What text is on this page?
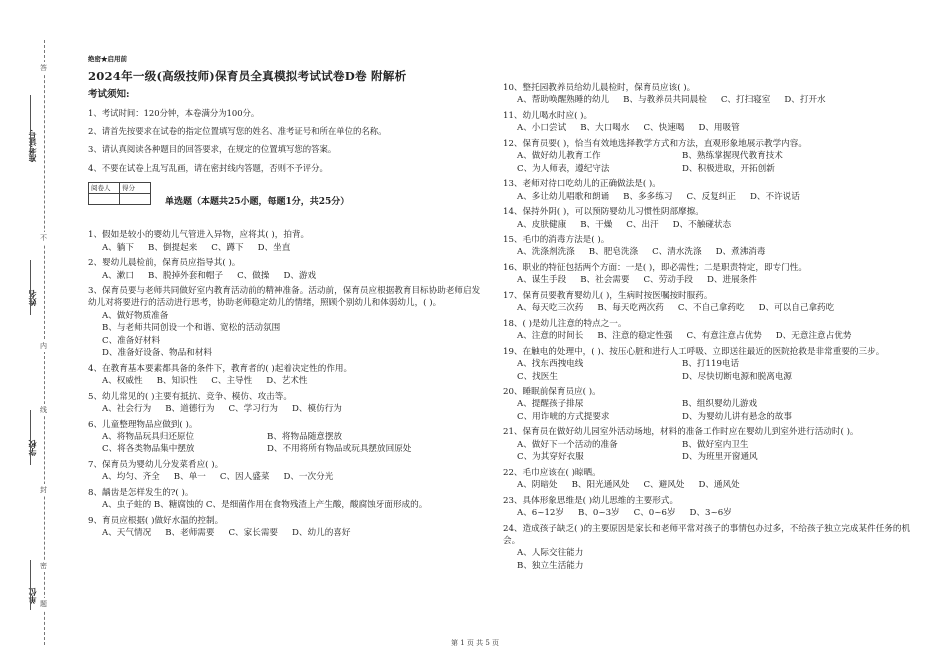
准考证号
姓名
学校
单位
答
不
内
线
封
密
题
绝密★启用前
2024年一级(高级技师)保育员全真模拟考试试卷D卷 附解析
考试须知:
1、考试时间：120分钟，本卷满分为100分。
2、请首先按要求在试卷的指定位置填写您的姓名、准考证号和所在单位的名称。
3、请认真阅读各种题目的回答要求，在规定的位置填写您的答案。
4、不要在试卷上乱写乱画，请在密封线内答题，否则不予评分。
阅卷人	得分

单选题（本题共25小题，每题1分，共25分）
1、假如是较小的婴幼儿气管进入异物，应将其( )，拍背。
A、躺下 B、倒提起来 C、蹲下 D、坐直
2、婴幼儿晨检前，保育员应指导其( )。
A、漱口 B、脱掉外套和帽子 C、做操 D、游戏
3、保育员要与老师共同做好室内教育活动前的精神准备。活动前，保育员应根据教育目标协助老师启发幼儿对将要进行的活动进行思考，协助老师稳定幼儿的情绪，照顾个别幼儿和体弱幼儿，( )。
A、做好物质准备
B、与老师共同创设一个和谐、宽松的活动氛围
C、准备好材料
D、准备好设备、物品和材料
4、在教育基本要素都具备的条件下，教育者的( )起着决定性的作用。
A、权威性 B、知识性 C、主导性 D、艺术性
5、幼儿常见的( )主要有抵抗、竞争、模仿、攻击等。
A、社会行为 B、道德行为 C、学习行为 D、模仿行为
6、儿童整理物品应做到( )。
A、将物品玩具归还原位	B、将物品随意摆放
C、将各类物品集中摆放	D、不用将所有物品或玩具摆放回原处
7、保育员为婴幼儿分发菜肴应( )。
A、均匀、齐全 B、单一 C、因人盛菜 D、一次分光
8、龋齿是怎样发生的?( )。
A、虫子蛀的 B、糖腐蚀的 C、是细菌作用在食物残渣上产生酸，酸腐蚀牙面形成的。
9、育员应根据( )做好水温的控制。
A、天气情况 B、老师需要 C、家长需要 D、幼儿的喜好
10、整托园教养员给幼儿晨检时，保育员应该( )。
A、帮助唤醒熟睡的幼儿 B、与教养员共同晨检 C、打扫寝室 D、打开水
11、幼儿喝水时应( )。
A、小口尝试 B、大口喝水 C、快速喝 D、用吸管
12、保育员要( )，恰当有效地选择教学方式和方法，直观形象地展示教学内容。
A、做好幼儿教育工作	B、熟练掌握现代教育技术
C、为人师表，遵纪守法	D、积极进取，开拓创新
13、老师对待口吃幼儿的正确做法是( )。
A、多让幼儿唱歌和朗诵 B、多多练习 C、反复纠正 D、不许说话
14、保持外阴( )，可以预防婴幼儿习惯性阴部摩擦。
A、皮肤健康 B、干燥 C、出汗 D、不触碰状态
15、毛巾的消毒方法是( )。
A、洗涤剂洗涤 B、肥皂洗涤 C、清水洗涤 D、煮沸消毒
16、职业的特征包括两个方面：一是( )，即必需性；二是职责特定，即专门性。
A、谋生手段 B、社会需要 C、劳动手段 D、进展条件
17、保育员要教育婴幼儿( )，生病时按医嘱按时服药。
A、每天吃三次药 B、每天吃两次药 C、不自己拿药吃 D、可以自己拿药吃
18、( )是幼儿注意的特点之一。
A、注意的时间长 B、注意的稳定性强 C、有意注意占优势 D、无意注意占优势
19、在触电的处理中，( )、按压心脏和进行人工呼吸、立即送往最近的医院抢救是非常重要的三步。
A、找东西拽电线	B、打119电话
C、找医生	D、尽快切断电源和脱离电源
20、睡眠前保育员应( )。
A、提醒孩子排尿	B、组织婴幼儿游戏
C、用诈唬的方式提要求	D、为婴幼儿讲有悬念的故事
21、保育员在做好幼儿园室外活动场地，材料的准备工作时应在婴幼儿到室外进行活动时( )。
A、做好下一个活动的准备	B、做好室内卫生
C、为其穿好衣服	D、为班里开窗通风
22、毛巾应该在( )晾晒。
A、阴暗处 B、阳光通风处 C、避风处 D、通风处
23、具体形象思维是( )幼儿思维的主要形式。
A、6~12岁 B、0~3岁 C、0~6岁 D、3~6岁
24、造成孩子缺乏( )的主要原因是家长和老师平常对孩子的事情包办过多，不给孩子独立完成某件任务的机会。
A、人际交往能力
B、独立生活能力
第 1 页 共 5 页
